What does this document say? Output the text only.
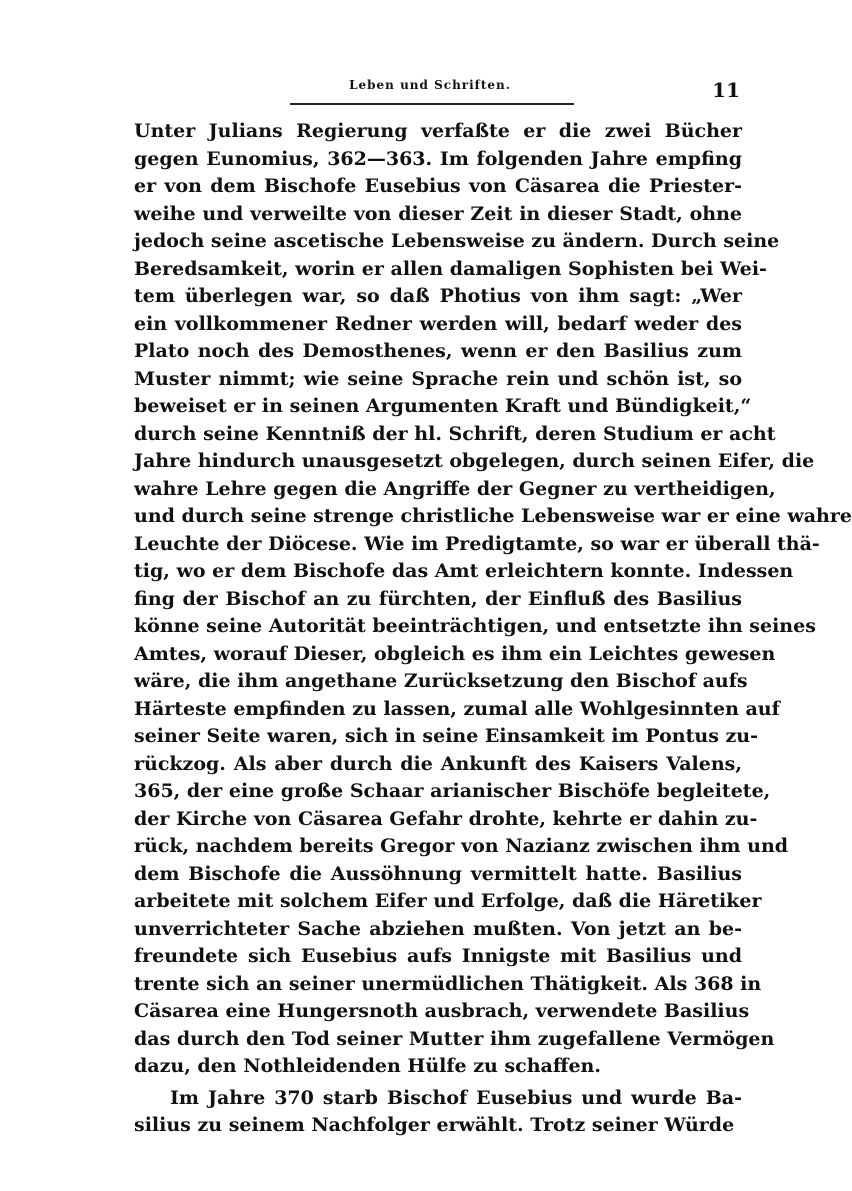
Leben und Schriften.	11
Unter Julians Regierung verfaßte er die zwei Bücher
gegen Eunomius, 362—363. Im folgenden Jahre empfing
er von dem Bischofe Eusebius von Cäsarea die Priester-
weihe und verweilte von dieser Zeit in dieser Stadt, ohne
jedoch seine ascetische Lebensweise zu ändern. Durch seine
Beredsamkeit, worin er allen damaligen Sophisten bei Wei-
tem überlegen war, so daß Photius von ihm sagt: „Wer
ein vollkommener Redner werden will, bedarf weder des
Plato noch des Demosthenes, wenn er den Basilius zum
Muster nimmt; wie seine Sprache rein und schön ist, so
beweiset er in seinen Argumenten Kraft und Bündigkeit,“
durch seine Kenntniß der hl. Schrift, deren Studium er acht
Jahre hindurch unausgesetzt obgelegen, durch seinen Eifer, die
wahre Lehre gegen die Angriffe der Gegner zu vertheidigen,
und durch seine strenge christliche Lebensweise war er eine wahre
Leuchte der Diöcese. Wie im Predigtamte, so war er überall thä-
tig, wo er dem Bischofe das Amt erleichtern konnte. Indessen
fing der Bischof an zu fürchten, der Einfluß des Basilius
könne seine Autorität beeinträchtigen, und entsetzte ihn seines
Amtes, worauf Dieser, obgleich es ihm ein Leichtes gewesen
wäre, die ihm angethane Zurücksetzung den Bischof aufs
Härteste empfinden zu lassen, zumal alle Wohlgesinnten auf
seiner Seite waren, sich in seine Einsamkeit im Pontus zu-
rückzog. Als aber durch die Ankunft des Kaisers Valens,
365, der eine große Schaar arianischer Bischöfe begleitete,
der Kirche von Cäsarea Gefahr drohte, kehrte er dahin zu-
rück, nachdem bereits Gregor von Nazianz zwischen ihm und
dem Bischofe die Aussöhnung vermittelt hatte. Basilius
arbeitete mit solchem Eifer und Erfolge, daß die Häretiker
unverrichteter Sache abziehen mußten. Von jetzt an be-
freundete sich Eusebius aufs Innigste mit Basilius und
trente sich an seiner unermüdlichen Thätigkeit. Als 368 in
Cäsarea eine Hungersnoth ausbrach, verwendete Basilius
das durch den Tod seiner Mutter ihm zugefallene Vermögen
dazu, den Nothleidenden Hülfe zu schaffen.
Im Jahre 370 starb Bischof Eusebius und wurde Ba-
silius zu seinem Nachfolger erwählt. Trotz seiner Würde
